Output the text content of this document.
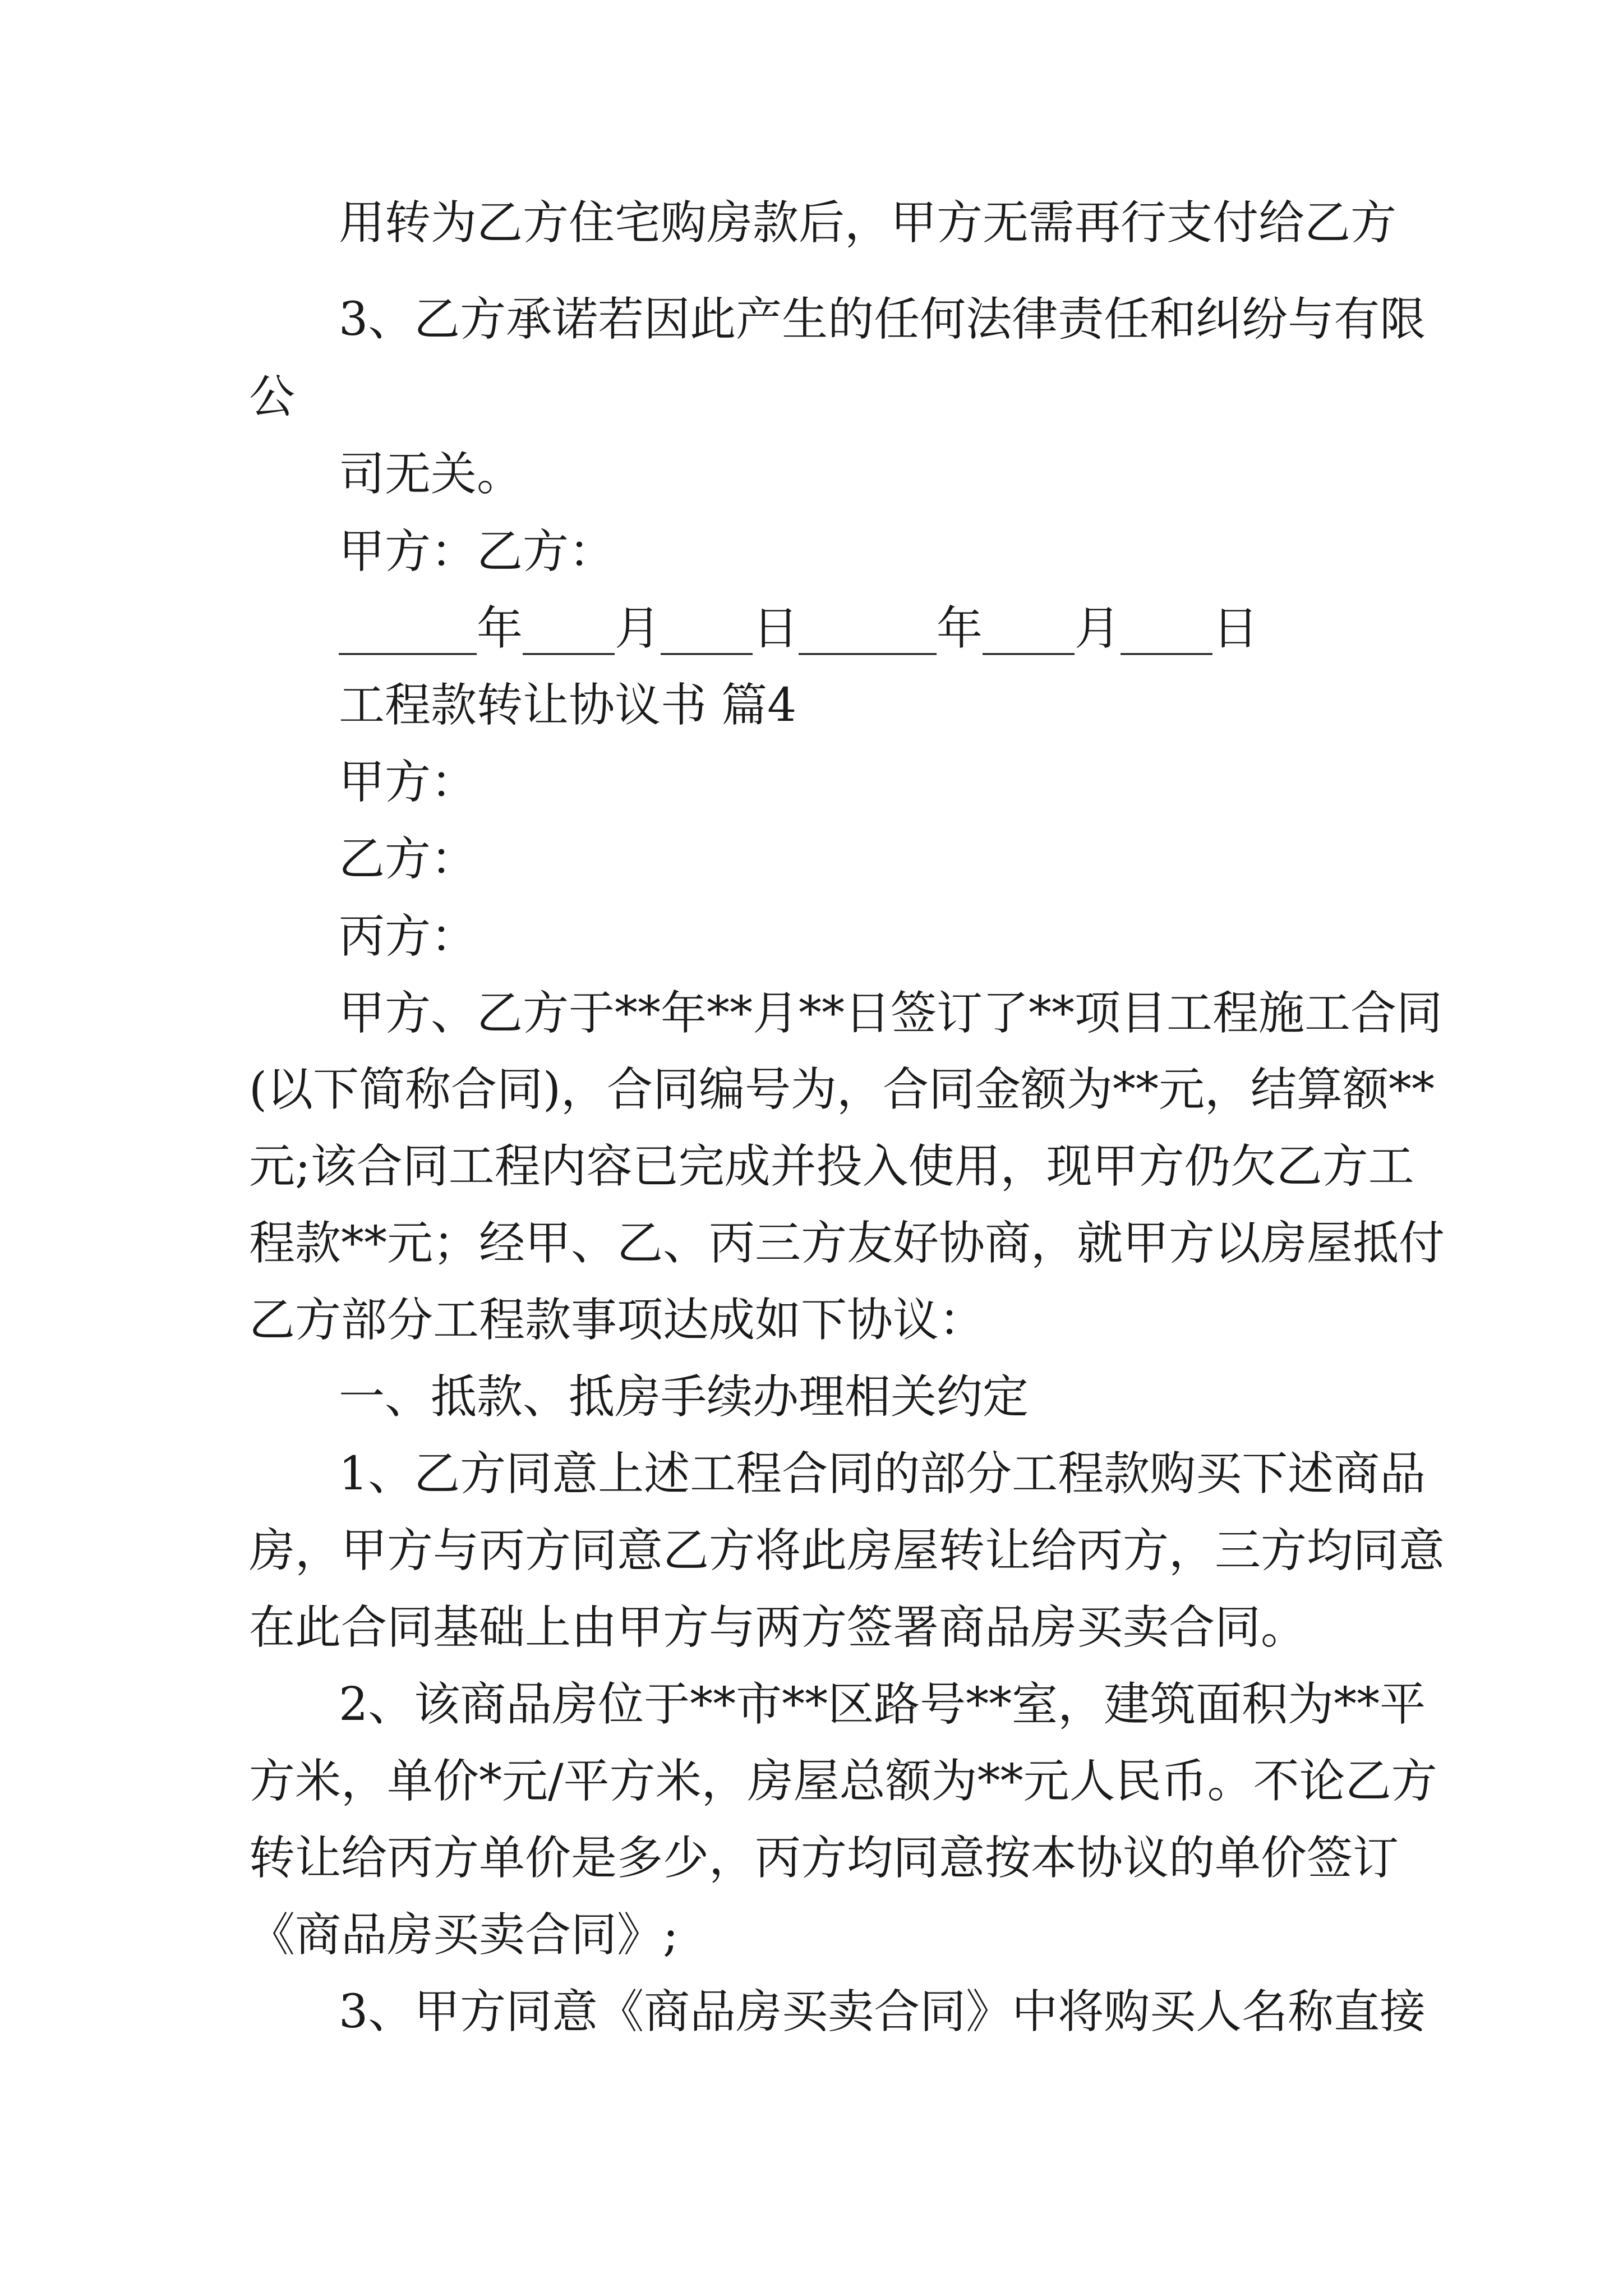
用转为乙方住宅购房款后，甲方无需再行支付给乙方

3、乙方承诺若因此产生的任何法律责任和纠纷与有限

公

司无关。

甲方：乙方：

______年____月____日______年____月____日

工程款转让协议书 篇4

甲方：

乙方：

丙方：

甲方、乙方于**年**月**日签订了**项目工程施工合同

(以下简称合同)，合同编号为，合同金额为**元，结算额**

元;该合同工程内容已完成并投入使用，现甲方仍欠乙方工

程款**元；经甲、乙、丙三方友好协商，就甲方以房屋抵付

乙方部分工程款事项达成如下协议：

一、抵款、抵房手续办理相关约定

1、乙方同意上述工程合同的部分工程款购买下述商品

房，甲方与丙方同意乙方将此房屋转让给丙方，三方均同意

在此合同基础上由甲方与两方签署商品房买卖合同。

2、该商品房位于**市**区路号**室，建筑面积为**平

方米，单价*元/平方米，房屋总额为**元人民币。不论乙方

转让给丙方单价是多少，丙方均同意按本协议的单价签订

《商品房买卖合同》;

3、甲方同意《商品房买卖合同》中将购买人名称直接
